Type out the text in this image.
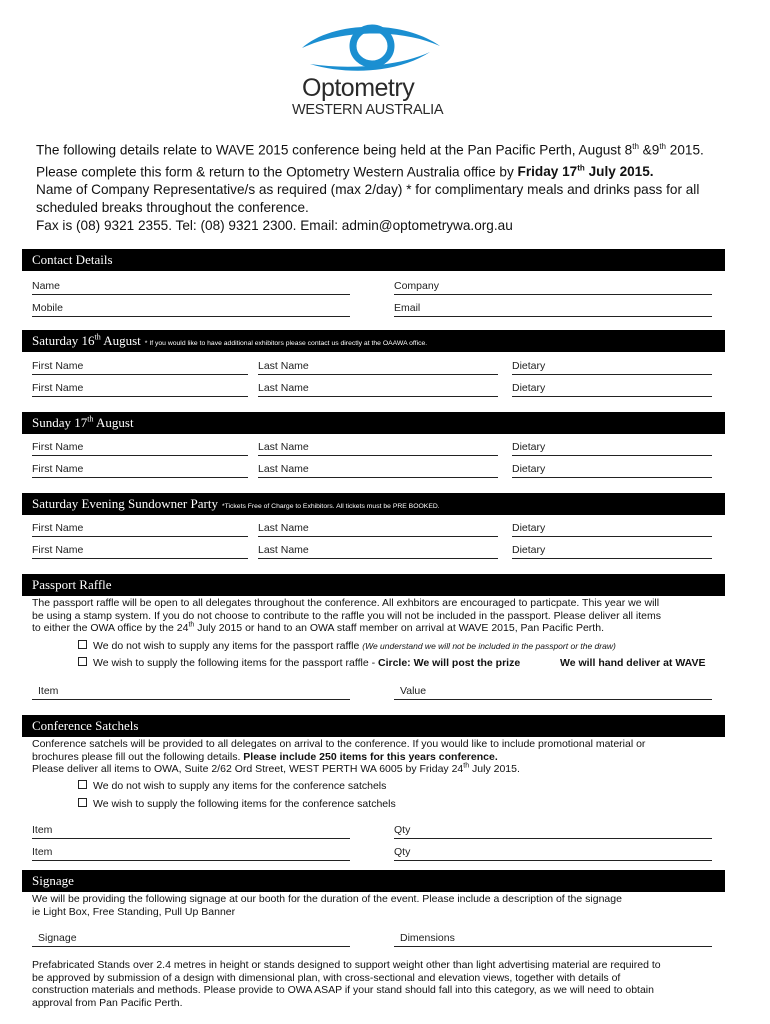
Optometry
WESTERN AUSTRALIA

The following details relate to WAVE 2015 conference being held at the Pan Pacific Perth, August 8th &9th 2015.

Please complete this form & return to the Optometry Western Australia office by Friday 17th July 2015.

Name of Company Representative/s as required (max 2/day) * for complimentary meals and drinks pass for all

scheduled breaks throughout the conference.

Fax is (08) 9321 2355. Tel: (08) 9321 2300. Email: admin@optometrywa.org.au

Contact Details
Name	Company
Mobile	Email
Saturday 16th August * If you would like to have additional exhibitors please contact us directly at the OAAWA office.
First Name	Last Name	Dietary
First Name	Last Name	Dietary
Sunday 17th August
First Name	Last Name	Dietary
First Name	Last Name	Dietary
Saturday Evening Sundowner Party *Tickets Free of Charge to Exhibitors. All tickets must be PRE BOOKED.
First Name	Last Name	Dietary
First Name	Last Name	Dietary
Passport Raffle
The passport raffle will be open to all delegates throughout the conference. All exhbitors are encouraged to particpate. This year we will
be using a stamp system. If you do not choose to contribute to the raffle you will not be included in the passport. Please deliver all items
to either the OWA office by the 24th July 2015 or hand to an OWA staff member on arrival at WAVE 2015, Pan Pacific Perth.
We do not wish to supply any items for the passport raffle (We understand we will not be included in the passport or the draw)
We wish to supply the following items for the passport raffle - Circle: We will post the prize	We will hand deliver at WAVE
Item	Value
Conference Satchels
Conference satchels will be provided to all delegates on arrival to the conference. If you would like to include promotional material or
brochures please fill out the following details. Please include 250 items for this years conference.
Please deliver all items to OWA, Suite 2/62 Ord Street, WEST PERTH WA 6005 by Friday 24th July 2015.
We do not wish to supply any items for the conference satchels
We wish to supply the following items for the conference satchels
Item	Qty
Item	Qty
Signage
We will be providing the following signage at our booth for the duration of the event. Please include a description of the signage
ie Light Box, Free Standing, Pull Up Banner
Signage	Dimensions
Prefabricated Stands over 2.4 metres in height or stands designed to support weight other than light advertising material are required to
be approved by submission of a design with dimensional plan, with cross-sectional and elevation views, together with details of
construction materials and methods. Please provide to OWA ASAP if your stand should fall into this category, as we will need to obtain
approval from Pan Pacific Perth.
